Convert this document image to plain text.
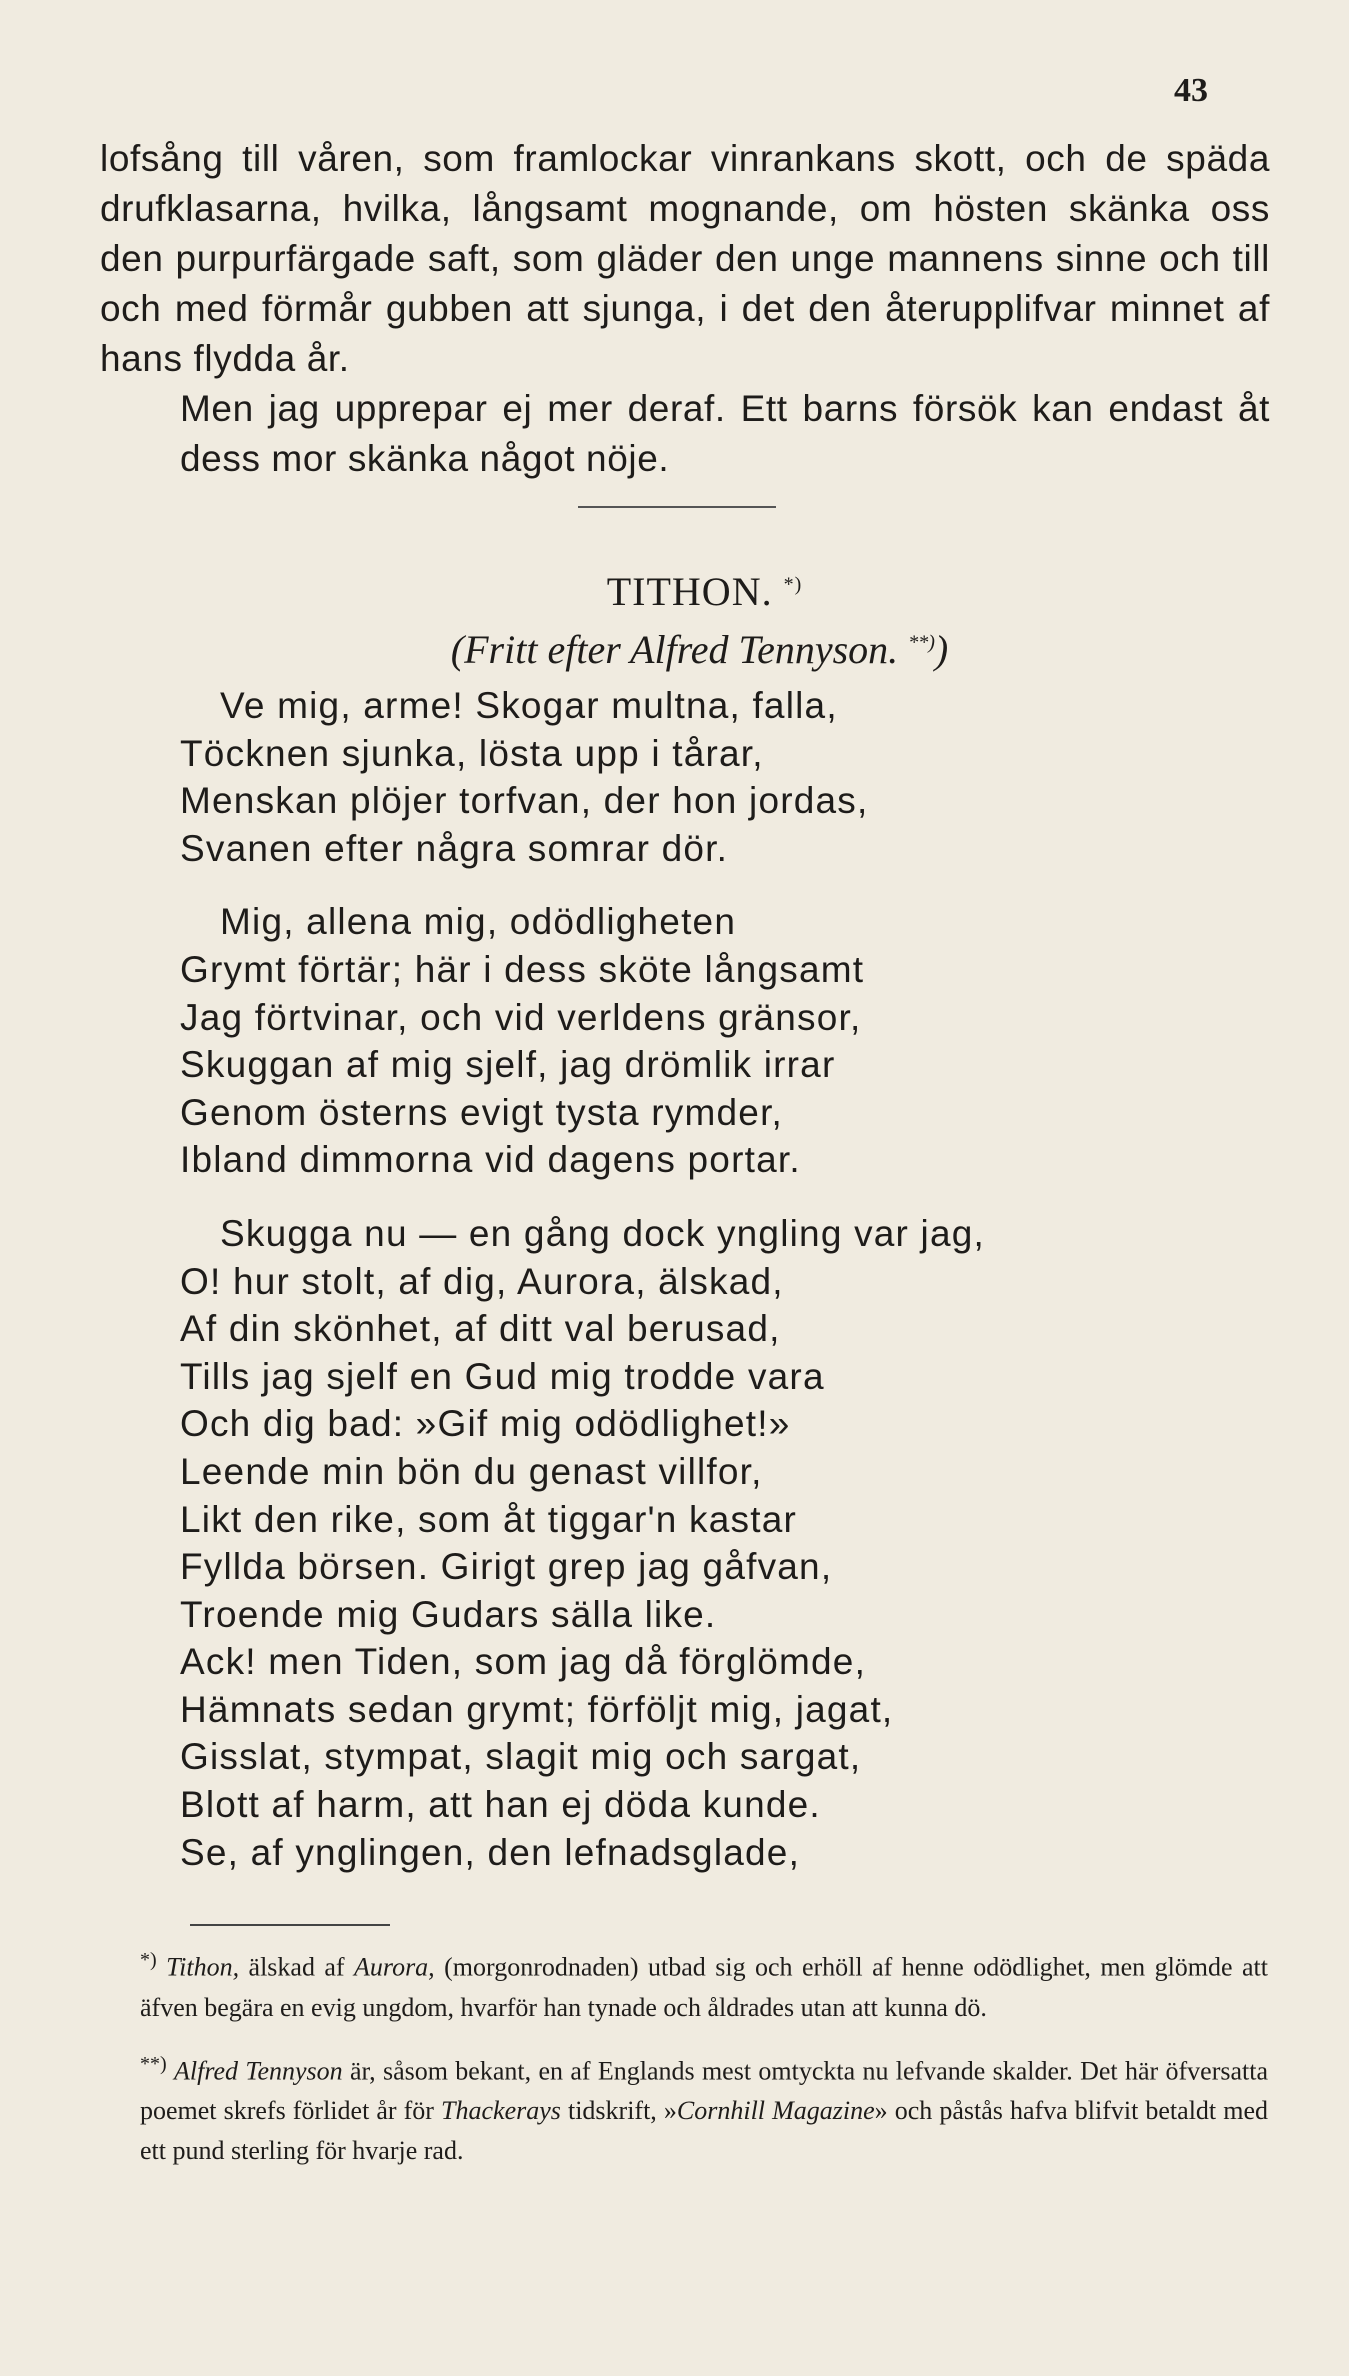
43

lofsång till våren, som framlockar vinrankans skott, och de späda drufklasarna, hvilka, långsamt mognande, om hösten skänka oss den purpurfärgade saft, som gläder den unge mannens sinne och till och med förmår gubben att sjunga, i det den återupplifvar minnet af hans flydda år.

Men jag upprepar ej mer deraf. Ett barns försök kan endast åt dess mor skänka något nöje.

TITHON. *)
(Fritt efter Alfred Tennyson. **))
Ve mig, arme! Skogar multna, falla,
Töcknen sjunka, lösta upp i tårar,
Menskan plöjer torfvan, der hon jordas,
Svanen efter några somrar dör.
Mig, allena mig, odödligheten
Grymt förtär; här i dess sköte långsamt
Jag förtvinar, och vid verldens gränsor,
Skuggan af mig sjelf, jag drömlik irrar
Genom österns evigt tysta rymder,
Ibland dimmorna vid dagens portar.
Skugga nu — en gång dock yngling var jag,
O! hur stolt, af dig, Aurora, älskad,
Af din skönhet, af ditt val berusad,
Tills jag sjelf en Gud mig trodde vara
Och dig bad: »Gif mig odödlighet!»
Leende min bön du genast villfor,
Likt den rike, som åt tiggar'n kastar
Fyllda börsen. Girigt grep jag gåfvan,
Troende mig Gudars sälla like.
Ack! men Tiden, som jag då förglömde,
Hämnats sedan grymt; förföljt mig, jagat,
Gisslat, stympat, slagit mig och sargat,
Blott af harm, att han ej döda kunde.
Se, af ynglingen, den lefnadsglade,

*) Tithon, älskad af Aurora, (morgonrodnaden) utbad sig och erhöll af henne odödlighet, men glömde att äfven begära en evig ungdom, hvarför han tynade och åldrades utan att kunna dö.

**) Alfred Tennyson är, såsom bekant, en af Englands mest omtyckta nu lefvande skalder. Det här öfversatta poemet skrefs förlidet år för Thackerays tidskrift, »Cornhill Magazine» och påstås hafva blifvit betaldt med ett pund sterling för hvarje rad.
